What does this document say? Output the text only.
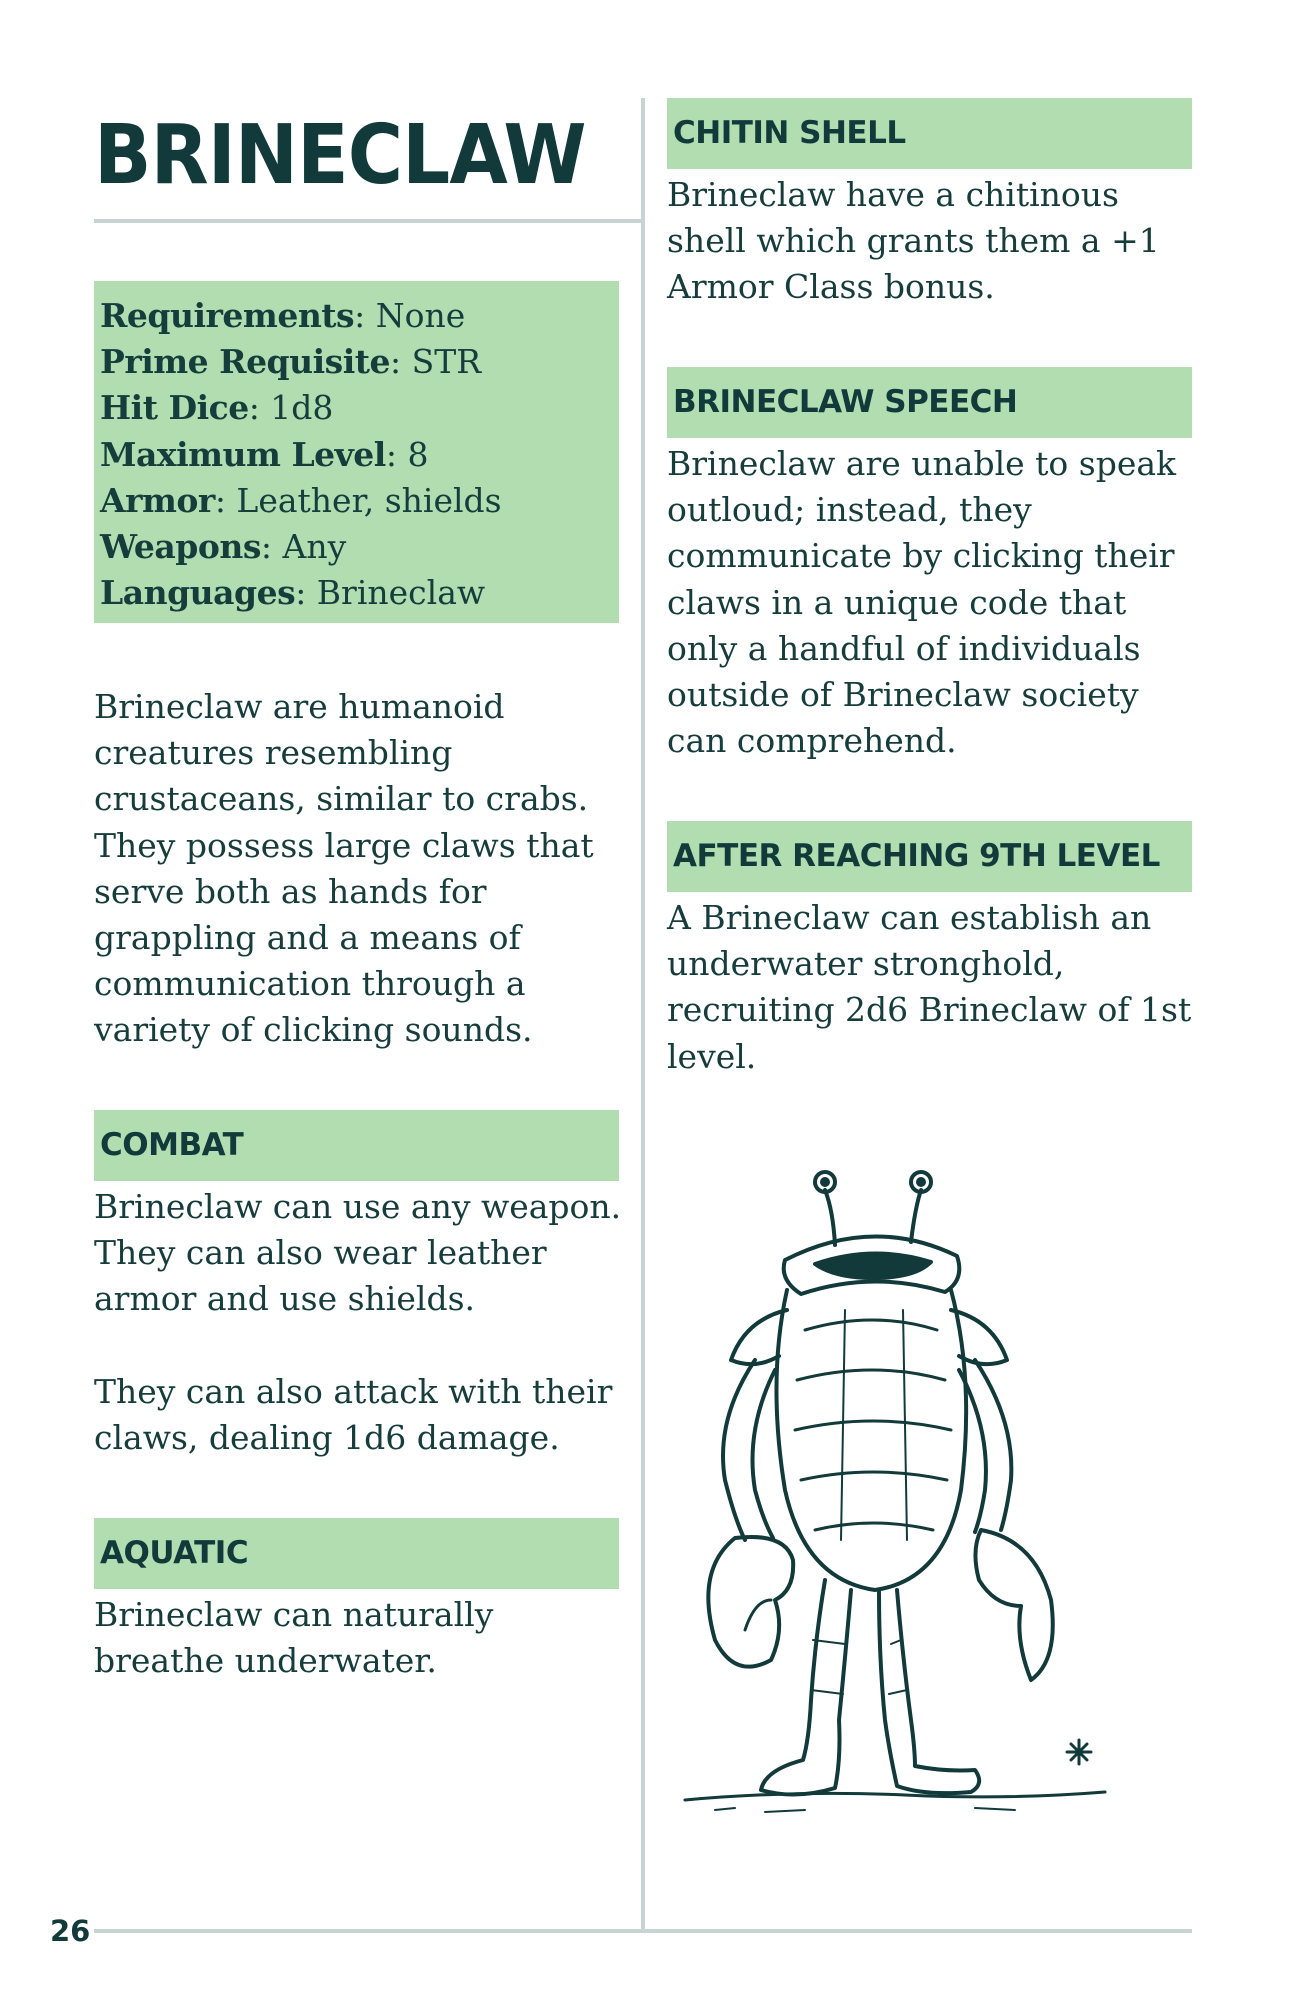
BRINECLAW
Requirements: None
Prime Requisite: STR
Hit Dice: 1d8
Maximum Level: 8
Armor: Leather, shields
Weapons: Any
Languages: Brineclaw

Brineclaw are humanoid
creatures resembling
crustaceans, similar to crabs.
They possess large claws that
serve both as hands for
grappling and a means of
communication through a
variety of clicking sounds.

COMBAT

Brineclaw can use any weapon.
They can also wear leather
armor and use shields.

They can also attack with their
claws, dealing 1d6 damage.

AQUATIC

Brineclaw can naturally
breathe underwater.

CHITIN SHELL

Brineclaw have a chitinous
shell which grants them a +1
Armor Class bonus.

BRINECLAW SPEECH

Brineclaw are unable to speak
outloud; instead, they
communicate by clicking their
claws in a unique code that
only a handful of individuals
outside of Brineclaw society
can comprehend.

AFTER REACHING 9TH LEVEL

A Brineclaw can establish an
underwater stronghold,
recruiting 2d6 Brineclaw of 1st
level.

26
